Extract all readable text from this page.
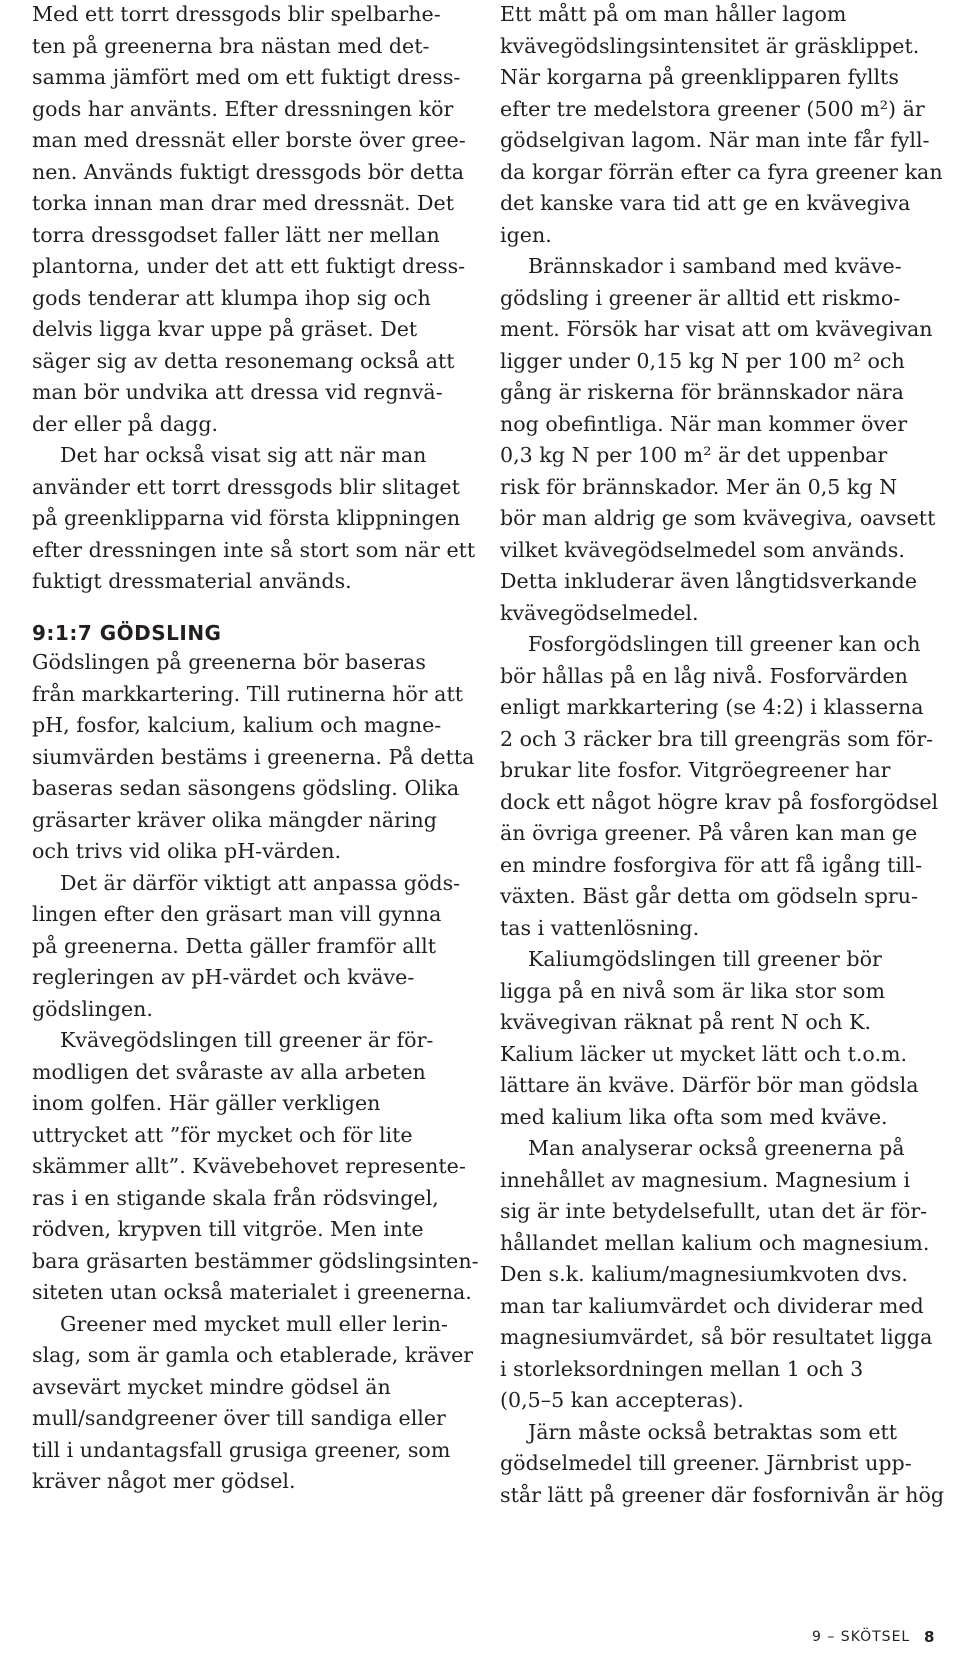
Med ett torrt dressgods blir spelbarhe-
ten på greenerna bra nästan med det-
samma jämfört med om ett fuktigt dress-
gods har använts. Efter dressningen kör
man med dressnät eller borste över gree-
nen. Används fuktigt dressgods bör detta
torka innan man drar med dressnät. Det
torra dressgodset faller lätt ner mellan
plantorna, under det att ett fuktigt dress-
gods tenderar att klumpa ihop sig och
delvis ligga kvar uppe på gräset. Det
säger sig av detta resonemang också att
man bör undvika att dressa vid regnvä-
der eller på dagg.
Det har också visat sig att när man
använder ett torrt dressgods blir slitaget
på greenklipparna vid första klippningen
efter dressningen inte så stort som när ett
fuktigt dressmaterial används.
Gödslingen på greenerna bör baseras
från markkartering. Till rutinerna hör att
pH, fosfor, kalcium, kalium och magne-
siumvärden bestäms i greenerna. På detta
baseras sedan säsongens gödsling. Olika
gräsarter kräver olika mängder näring
och trivs vid olika pH-värden.
Det är därför viktigt att anpassa göds-
lingen efter den gräsart man vill gynna
på greenerna. Detta gäller framför allt
regleringen av pH-värdet och kväve-
gödslingen.
Kvävegödslingen till greener är för-
modligen det svåraste av alla arbeten
inom golfen. Här gäller verkligen
uttrycket att ”för mycket och för lite
skämmer allt”. Kvävebehovet represente-
ras i en stigande skala från rödsvingel,
rödven, krypven till vitgröe. Men inte
bara gräsarten bestämmer gödslingsinten-
siteten utan också materialet i greenerna.
Greener med mycket mull eller lerin-
slag, som är gamla och etablerade, kräver
avsevärt mycket mindre gödsel än
mull/sandgreener över till sandiga eller
till i undantagsfall grusiga greener, som
kräver något mer gödsel.
9:1:7 GÖDSLING
Ett mått på om man håller lagom
kvävegödslingsintensitet är gräsklippet.
När korgarna på greenklipparen fyllts
efter tre medelstora greener (500 m²) är
gödselgivan lagom. När man inte får fyll-
da korgar förrän efter ca fyra greener kan
det kanske vara tid att ge en kvävegiva
igen.
Brännskador i samband med kväve-
gödsling i greener är alltid ett riskmo-
ment. Försök har visat att om kvävegivan
ligger under 0,15 kg N per 100 m² och
gång är riskerna för brännskador nära
nog obefintliga. När man kommer över
0,3 kg N per 100 m² är det uppenbar
risk för brännskador. Mer än 0,5 kg N
bör man aldrig ge som kvävegiva, oavsett
vilket kvävegödselmedel som används.
Detta inkluderar även långtidsverkande
kvävegödselmedel.
Fosforgödslingen till greener kan och
bör hållas på en låg nivå. Fosforvärden
enligt markkartering (se 4:2) i klasserna
2 och 3 räcker bra till greengräs som för-
brukar lite fosfor. Vitgröegreener har
dock ett något högre krav på fosforgödsel
än övriga greener. På våren kan man ge
en mindre fosforgiva för att få igång till-
växten. Bäst går detta om gödseln spru-
tas i vattenlösning.
Kaliumgödslingen till greener bör
ligga på en nivå som är lika stor som
kvävegivan räknat på rent N och K.
Kalium läcker ut mycket lätt och t.o.m.
lättare än kväve. Därför bör man gödsla
med kalium lika ofta som med kväve.
Man analyserar också greenerna på
innehållet av magnesium. Magnesium i
sig är inte betydelsefullt, utan det är för-
hållandet mellan kalium och magnesium.
Den s.k. kalium/magnesiumkvoten dvs.
man tar kaliumvärdet och dividerar med
magnesiumvärdet, så bör resultatet ligga
i storleksordningen mellan 1 och 3
(0,5–5 kan accepteras).
Järn måste också betraktas som ett
gödselmedel till greener. Järnbrist upp-
står lätt på greener där fosfornivån är hög
9 – SKÖTSEL 8
